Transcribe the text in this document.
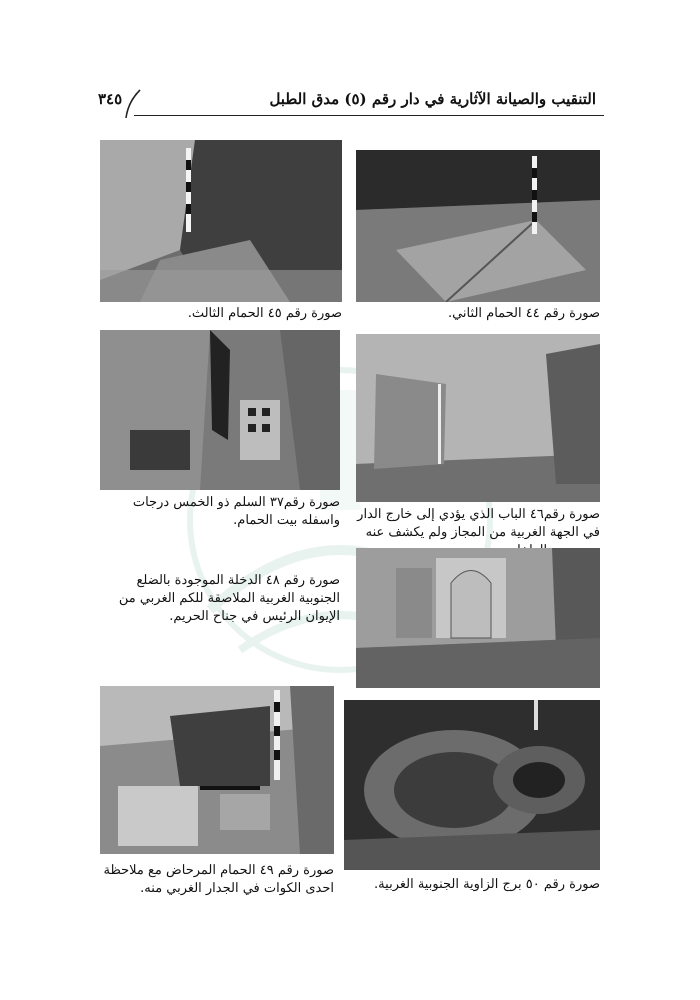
التنقيب والصيانة الآثارية في دار رقم (٥) مدق الطبل
٣٤٥
صورة رقم ٤٥ الحمام الثالث.	صورة رقم ٤٤ الحمام الثاني.
صورة رقم٣٧ السلم ذو الخمس درجات واسفله بيت الحمام.	صورة رقم٤٦ الباب الذي يؤدي إلى خارج الدار في الجهة الغربية من المجاز ولم يكشف عنه
صورة رقم ٤٨ الدخلة الموجودة بالضلع الجنوبية الغربية الملاصقة للكم الغربي من الإيوان الرئيس في جناح الحريم.
صورة رقم ٤٩ الحمام المرحاض مع ملاحظة احدى الكوات في الجدار الغربي منه.	صورة رقم ٥٠ برج الزاوية الجنوبية الغربية.
